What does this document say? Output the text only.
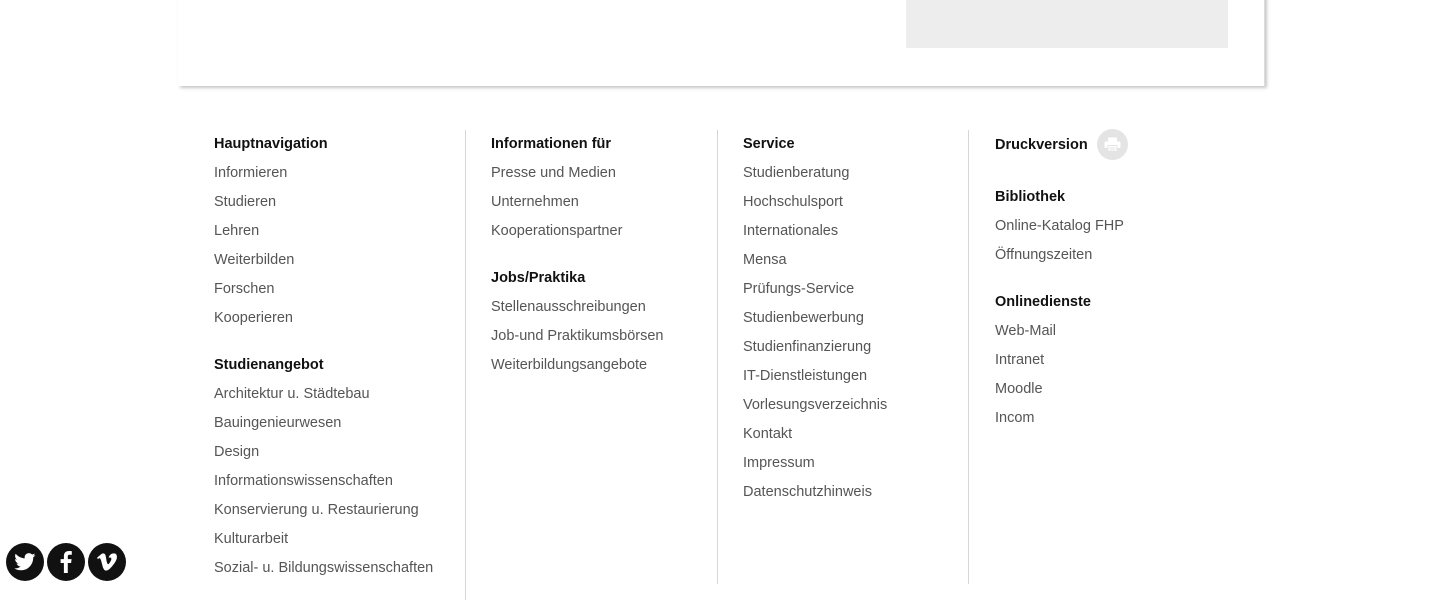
Hauptnavigation
Informieren
Studieren
Lehren
Weiterbilden
Forschen
Kooperieren
Studienangebot
Architektur u. Städtebau
Bauingenieurwesen
Design
Informationswissenschaften
Konservierung u. Restaurierung
Kulturarbeit
Sozial- u. Bildungswissenschaften
Informationen für
Presse und Medien
Unternehmen
Kooperationspartner
Jobs/Praktika
Stellenausschreibungen
Job-und Praktikumsbörsen
Weiterbildungsangebote
Service
Studienberatung
Hochschulsport
Internationales
Mensa
Prüfungs-Service
Studienbewerbung
Studienfinanzierung
IT-Dienstleistungen
Vorlesungsverzeichnis
Kontakt
Impressum
Datenschutzhinweis
Druckversion
Bibliothek
Online-Katalog FHP
Öffnungszeiten
Onlinedienste
Web-Mail
Intranet
Moodle
Incom
